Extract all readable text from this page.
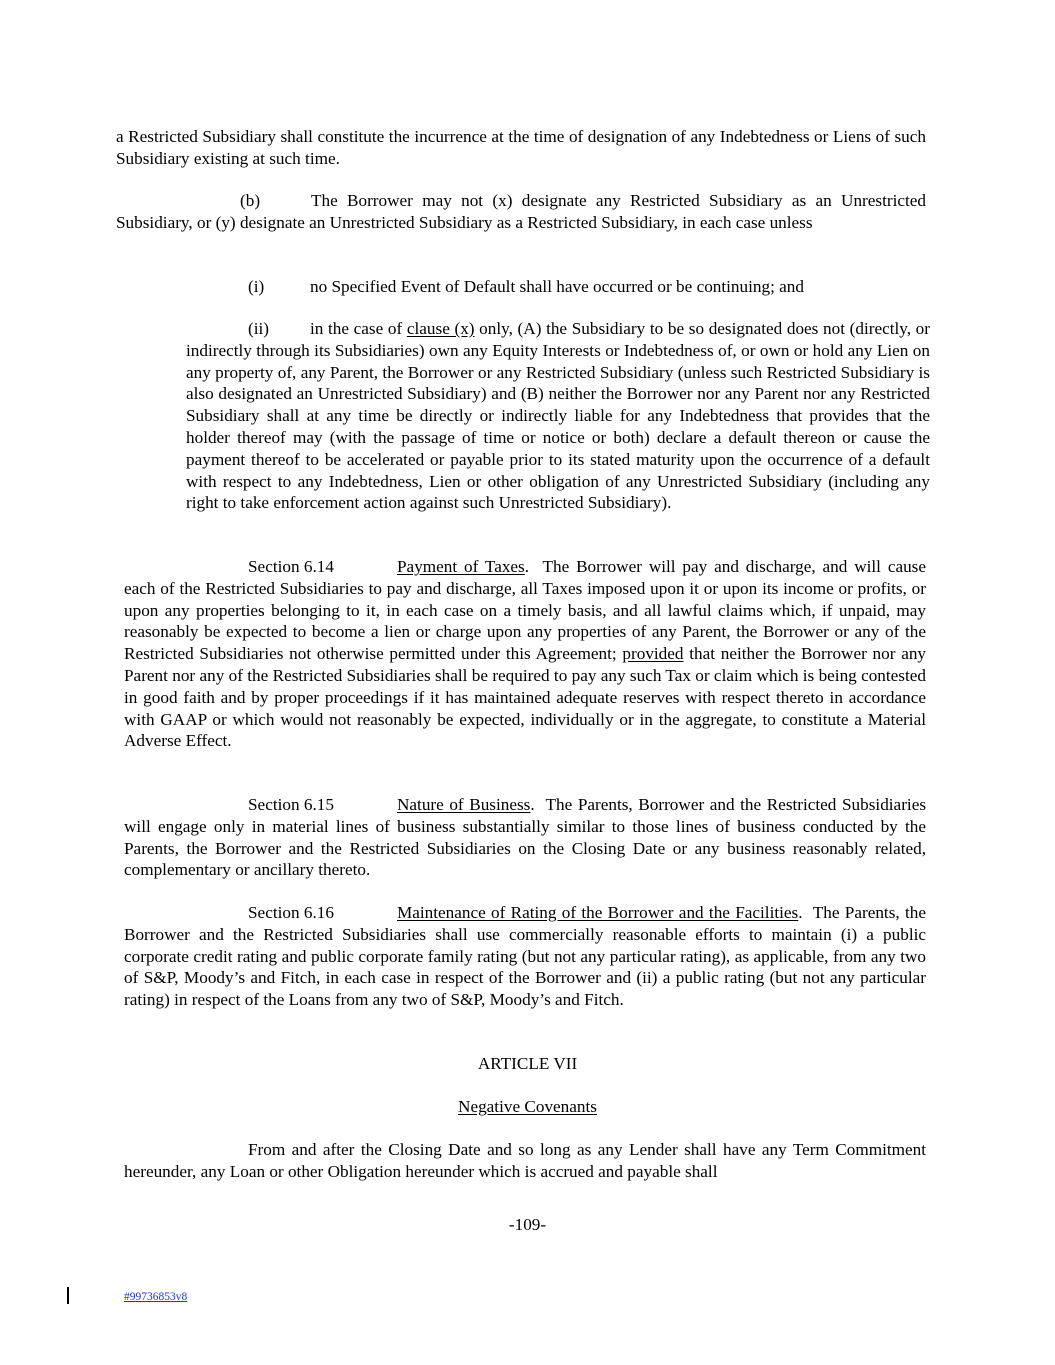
a Restricted Subsidiary shall constitute the incurrence at the time of designation of any Indebtedness or Liens of such Subsidiary existing at such time.

(b)	The Borrower may not (x) designate any Restricted Subsidiary as an Unrestricted Subsidiary, or (y) designate an Unrestricted Subsidiary as a Restricted Subsidiary, in each case unless

(i)	no Specified Event of Default shall have occurred or be continuing; and

(ii) in the case of clause (x) only, (A) the Subsidiary to be so designated does not (directly, or indirectly through its Subsidiaries) own any Equity Interests or Indebtedness of, or own or hold any Lien on any property of, any Parent, the Borrower or any Restricted Subsidiary (unless such Restricted Subsidiary is also designated an Unrestricted Subsidiary) and (B) neither the Borrower nor any Parent nor any Restricted Subsidiary shall at any time be directly or indirectly liable for any Indebtedness that provides that the holder thereof may (with the passage of time or notice or both) declare a default thereon or cause the payment thereof to be accelerated or payable prior to its stated maturity upon the occurrence of a default with respect to any Indebtedness, Lien or other obligation of any Unrestricted Subsidiary (including any right to take enforcement action against such Unrestricted Subsidiary).

Section 6.14	Payment of Taxes.  The Borrower will pay and discharge, and will cause each of the Restricted Subsidiaries to pay and discharge, all Taxes imposed upon it or upon its income or profits, or upon any properties belonging to it, in each case on a timely basis, and all lawful claims which, if unpaid, may reasonably be expected to become a lien or charge upon any properties of any Parent, the Borrower or any of the Restricted Subsidiaries not otherwise permitted under this Agreement; provided that neither the Borrower nor any Parent nor any of the Restricted Subsidiaries shall be required to pay any such Tax or claim which is being contested in good faith and by proper proceedings if it has maintained adequate reserves with respect thereto in accordance with GAAP or which would not reasonably be expected, individually or in the aggregate, to constitute a Material Adverse Effect.

Section 6.15	Nature of Business.  The Parents, Borrower and the Restricted Subsidiaries will engage only in material lines of business substantially similar to those lines of business conducted by the Parents, the Borrower and the Restricted Subsidiaries on the Closing Date or any business reasonably related, complementary or ancillary thereto.

Section 6.16	Maintenance of Rating of the Borrower and the Facilities.  The Parents, the Borrower and the Restricted Subsidiaries shall use commercially reasonable efforts to maintain (i) a public corporate credit rating and public corporate family rating (but not any particular rating), as applicable, from any two of S&P, Moody’s and Fitch, in each case in respect of the Borrower and (ii) a public rating (but not any particular rating) in respect of the Loans from any two of S&P, Moody’s and Fitch.

ARTICLE VII

Negative Covenants

From and after the Closing Date and so long as any Lender shall have any Term Commitment hereunder, any Loan or other Obligation hereunder which is accrued and payable shall

-109-

#99736853v8
